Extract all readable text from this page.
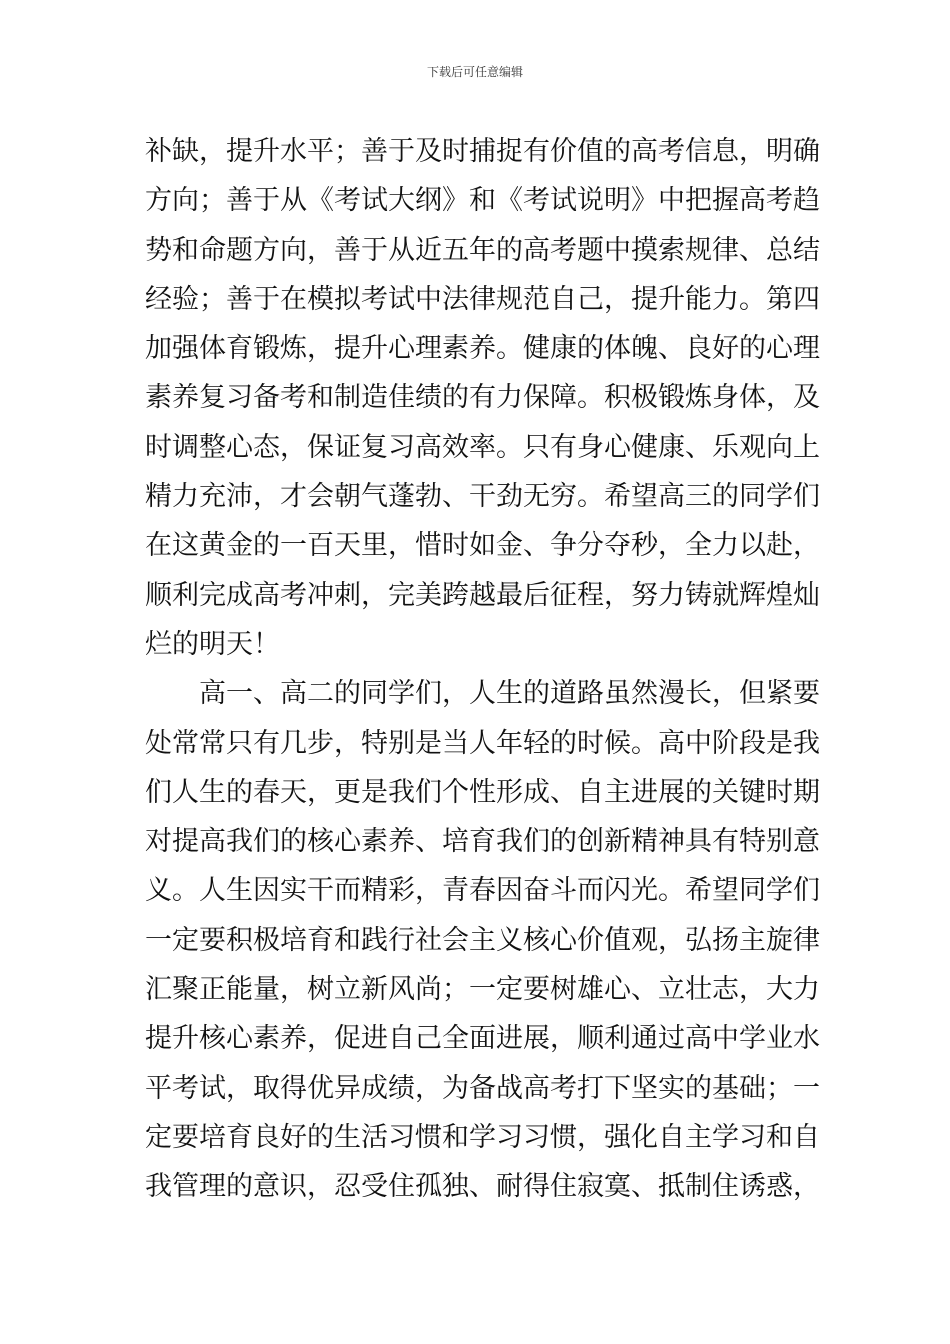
下载后可任意编辑
补缺，提升水平；善于及时捕捉有价值的高考信息，明确
方向；善于从《考试大纲》和《考试说明》中把握高考趋
势和命题方向，善于从近五年的高考题中摸索规律、总结
经验；善于在模拟考试中法律规范自己，提升能力。第四
加强体育锻炼，提升心理素养。健康的体魄、良好的心理
素养复习备考和制造佳绩的有力保障。积极锻炼身体，及
时调整心态，保证复习高效率。只有身心健康、乐观向上
精力充沛，才会朝气蓬勃、干劲无穷。希望高三的同学们
在这黄金的一百天里，惜时如金、争分夺秒，全力以赴，
顺利完成高考冲刺，完美跨越最后征程，努力铸就辉煌灿
烂的明天！
高一、高二的同学们，人生的道路虽然漫长，但紧要
处常常只有几步，特别是当人年轻的时候。高中阶段是我
们人生的春天，更是我们个性形成、自主进展的关键时期
对提高我们的核心素养、培育我们的创新精神具有特别意
义。人生因实干而精彩，青春因奋斗而闪光。希望同学们
一定要积极培育和践行社会主义核心价值观，弘扬主旋律
汇聚正能量，树立新风尚；一定要树雄心、立壮志，大力
提升核心素养，促进自己全面进展，顺利通过高中学业水
平考试，取得优异成绩，为备战高考打下坚实的基础；一
定要培育良好的生活习惯和学习习惯，强化自主学习和自
我管理的意识，忍受住孤独、耐得住寂寞、抵制住诱惑，
